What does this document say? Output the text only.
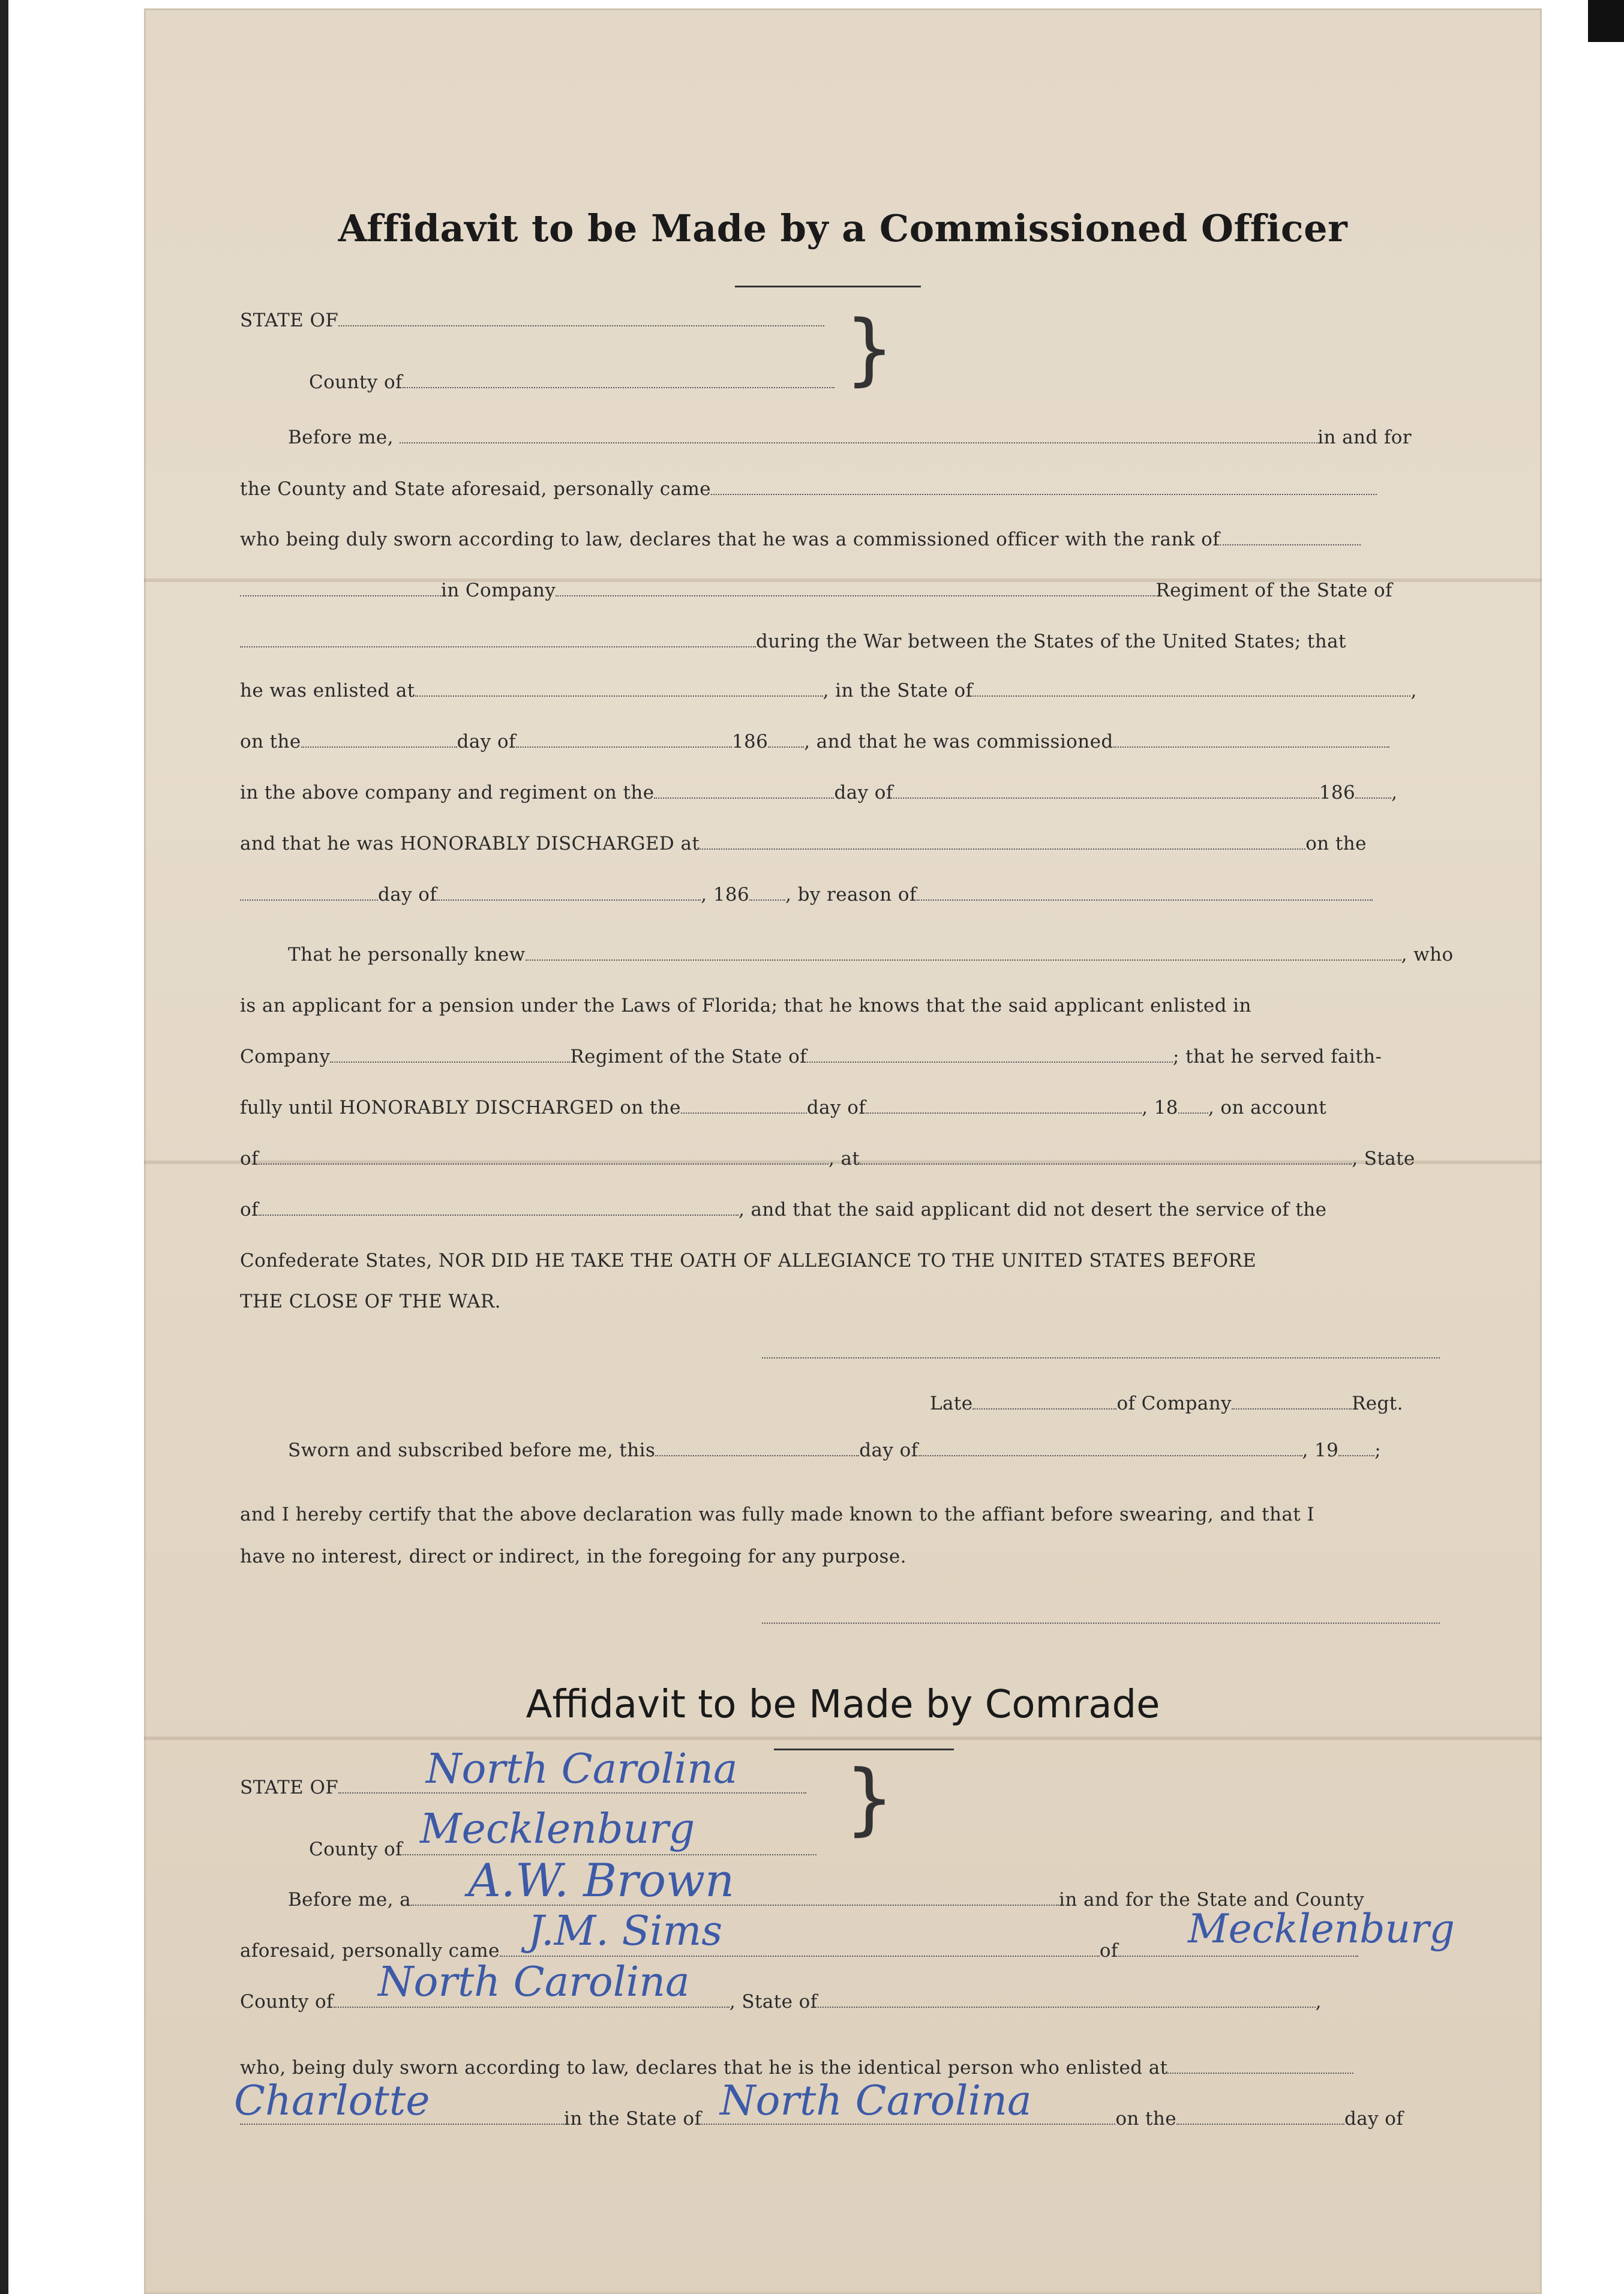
Affidavit to be Made by a Commissioned Officer
STATE OF
County of	}
Before me,	in and for
the County and State aforesaid, personally came
who being duly sworn according to law, declares that he was a commissioned officer with the rank of
in Company	Regiment of the State of
during the War between the States of the United States; that
he was enlisted at	, in the State of	,
on the	day of	186 , and that he was commissioned
in the above company and regiment on the	day of	186 ,
and that he was HONORABLY DISCHARGED at	on the
day of	, 186 , by reason of
That he personally knew	, who
is an applicant for a pension under the Laws of Florida; that he knows that the said applicant enlisted in
Company	Regiment of the State of	; that he served faith-
fully until HONORABLY DISCHARGED on the	day of	, 18 , on account
of	, at	, State
of	, and that the said applicant did not desert the service of the
Confederate States, NOR DID HE TAKE THE OATH OF ALLEGIANCE TO THE UNITED STATES BEFORE
THE CLOSE OF THE WAR.
Late	of Company	Regt.
Sworn and subscribed before me, this	day of	, 19 ;
and I hereby certify that the above declaration was fully made known to the affiant before swearing, and that I
have no interest, direct or indirect, in the foregoing for any purpose.
Affidavit to be Made by Comrade
STATE OF	North Carolina
County of Mecklenburg }
Before me, a	in and for the State and County
A.W. Brown
aforesaid, personally came	of
J.M. Sims	Mecklenburg
County of	, State of	,
North Carolina
who, being duly sworn according to law, declares that he is the identical person who enlisted at
in the State of	on the	day of
Charlotte	North Carolina
